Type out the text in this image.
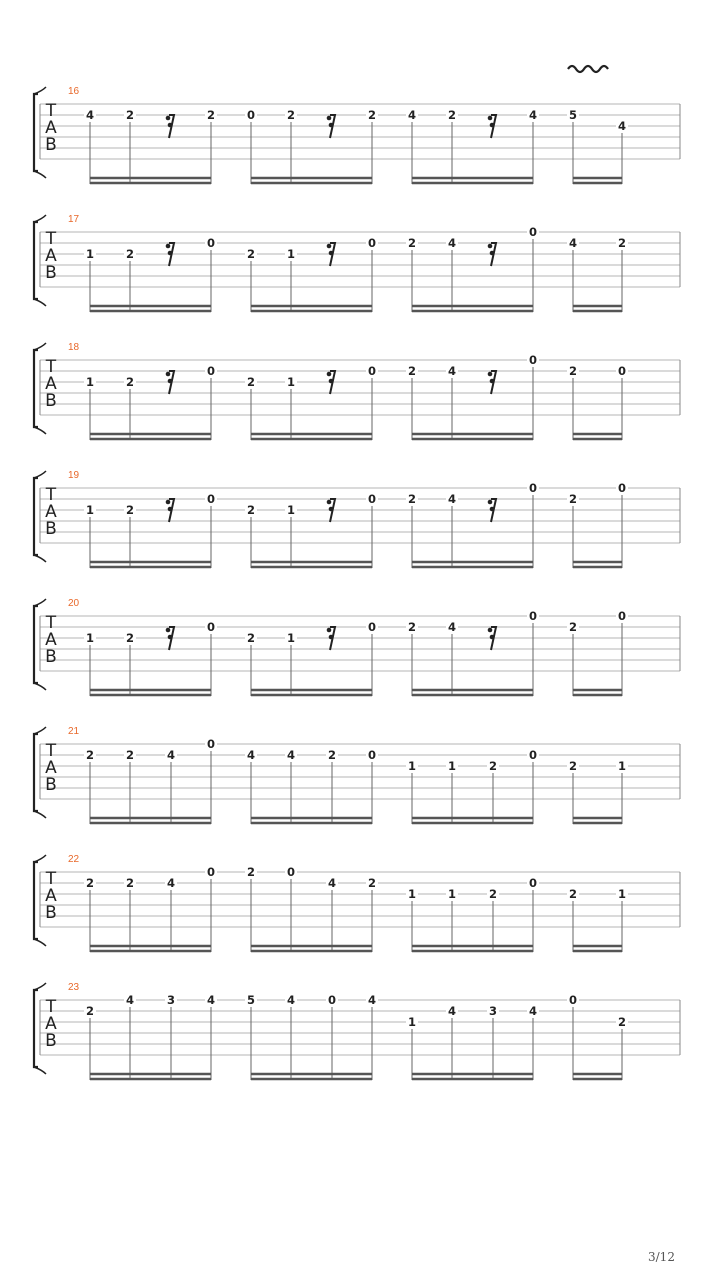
T
A
B
16
4	2	2	0	2	2	4	2	4	5
4
T
A
B
17
1	2
0
2	1
0	2	4
0
4	2
T
A
B
18
1	2
0
2	1
0	2	4
0
2	0
T
A
B
19
1	2
0
2	1
0	2	4
0
2
0
T
A
B
20
1	2
0
2	1
0	2	4
0
2
0
T
A
B
21
2	2	4
0
4	4	2	0
1	1	2
0
2	1
T
A
B
22
2	2	4
0	2	0
4	2
1	1	2
0
2	1
T
A
B
23
2
4	3	4	5	4	0	4
1
4	3	4
0
2
3/12
